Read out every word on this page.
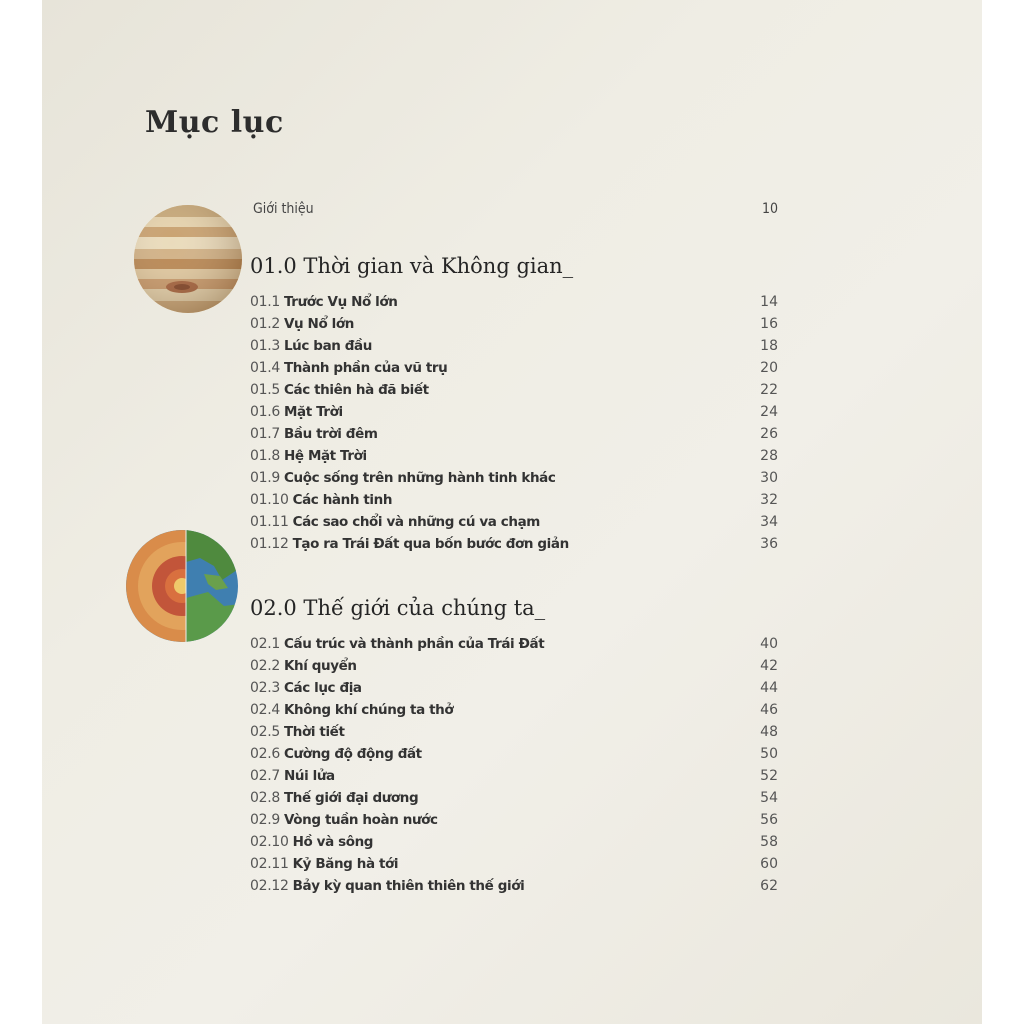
Mục lục
Giới thiệu	10
01.0 Thời gian và Không gian_
01.1 Trước Vụ Nổ lớn	14
01.2 Vụ Nổ lớn	16
01.3 Lúc ban đầu	18
01.4 Thành phần của vũ trụ	20
01.5 Các thiên hà đã biết	22
01.6 Mặt Trời	24
01.7 Bầu trời đêm	26
01.8 Hệ Mặt Trời	28
01.9 Cuộc sống trên những hành tinh khác	30
01.10 Các hành tinh	32
01.11 Các sao chổi và những cú va chạm	34
01.12 Tạo ra Trái Đất qua bốn bước đơn giản	36
02.0 Thế giới của chúng ta_
02.1 Cấu trúc và thành phần của Trái Đất	40
02.2 Khí quyển	42
02.3 Các lục địa	44
02.4 Không khí chúng ta thở	46
02.5 Thời tiết	48
02.6 Cường độ động đất	50
02.7 Núi lửa	52
02.8 Thế giới đại dương	54
02.9 Vòng tuần hoàn nước	56
02.10 Hồ và sông	58
02.11 Kỷ Băng hà tới	60
02.12 Bảy kỳ quan thiên thiên thế giới	62
